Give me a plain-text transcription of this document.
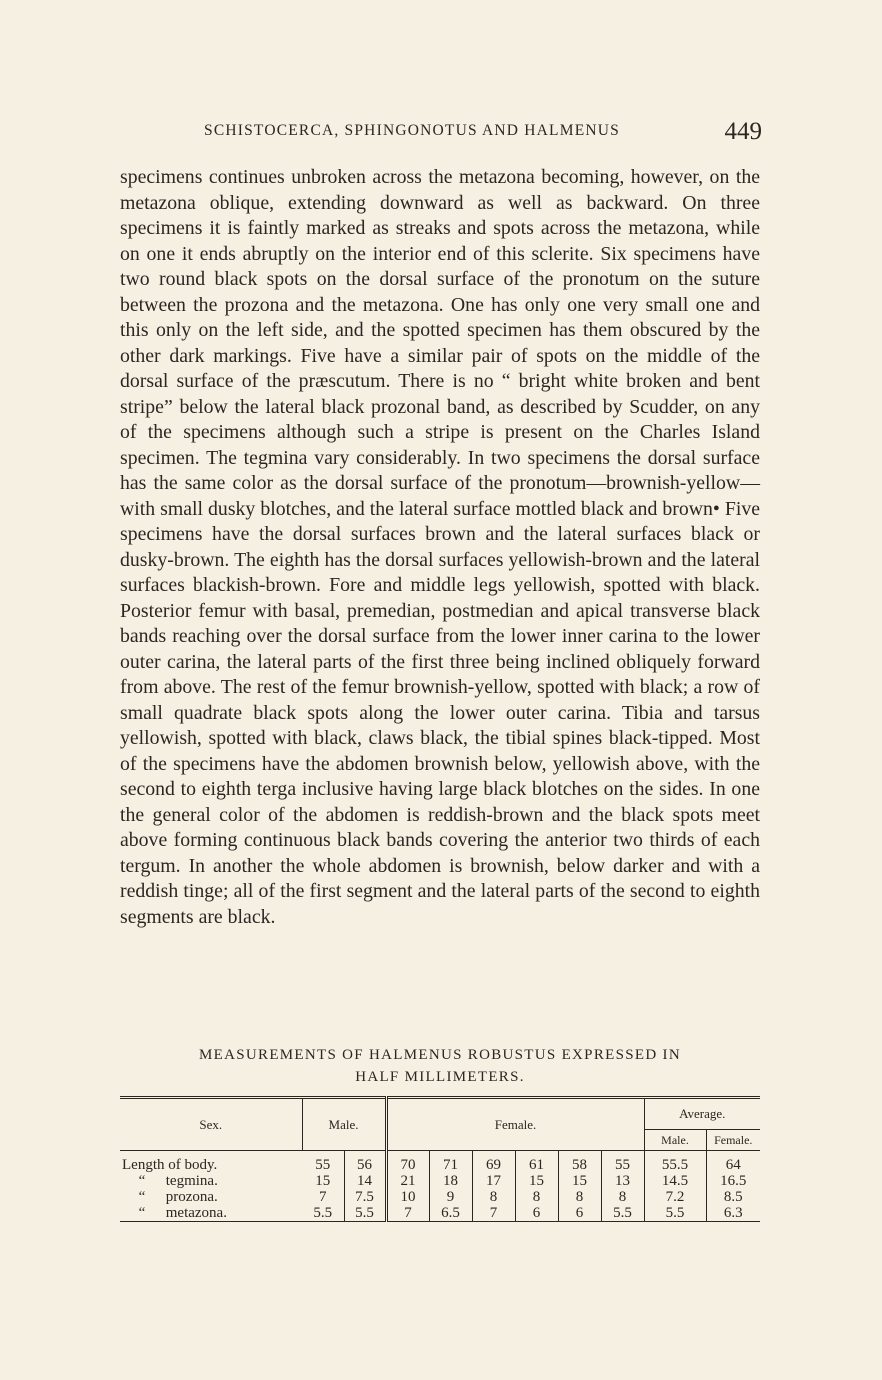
SCHISTOCERCA, SPHINGONOTUS AND HALMENUS	449

specimens continues unbroken across the metazona becoming, however, on the metazona oblique, extending downward as well as backward. On three specimens it is faintly marked as streaks and spots across the metazona, while on one it ends abruptly on the interior end of this sclerite. Six specimens have two round black spots on the dorsal surface of the pronotum on the suture between the prozona and the metazona. One has only one very small one and this only on the left side, and the spotted specimen has them obscured by the other dark markings. Five have a similar pair of spots on the middle of the dorsal surface of the præscutum. There is no “ bright white broken and bent stripe” below the lateral black prozonal band, as described by Scudder, on any of the specimens although such a stripe is present on the Charles Island specimen. The tegmina vary considerably. In two specimens the dorsal surface has the same color as the dorsal surface of the pronotum—brownish-yellow—with small dusky blotches, and the lateral surface mottled black and brown• Five specimens have the dorsal surfaces brown and the lateral surfaces black or dusky-brown. The eighth has the dorsal surfaces yellowish-brown and the lateral surfaces blackish-brown. Fore and middle legs yellowish, spotted with black. Posterior femur with basal, premedian, postmedian and apical transverse black bands reaching over the dorsal surface from the lower inner carina to the lower outer carina, the lateral parts of the first three being inclined obliquely forward from above. The rest of the femur brownish-yellow, spotted with black; a row of small quadrate black spots along the lower outer carina. Tibia and tarsus yellowish, spotted with black, claws black, the tibial spines black-tipped. Most of the specimens have the abdomen brownish below, yellowish above, with the second to eighth terga inclusive having large black blotches on the sides. In one the general color of the abdomen is reddish-brown and the black spots meet above forming continuous black bands covering the anterior two thirds of each tergum. In another the whole abdomen is brownish, below darker and with a reddish tinge; all of the first segment and the lateral parts of the second to eighth segments are black.

MEASUREMENTS OF HALMENUS ROBUSTUS EXPRESSED IN
HALF MILLIMETERS.
Sex.	Male.		Female.						Average.	
									Male.	Female.
Length of body.	55	56	70	71	69	61	58	55	55.5	64
“ tegmina.	15	14	21	18	17	15	15	13	14.5	16.5
“ prozona.	7	7.5	10	9	8	8	8	8	7.2	8.5
“ metazona.	5.5	5.5	7	6.5	7	6	6	5.5	5.5	6.3
